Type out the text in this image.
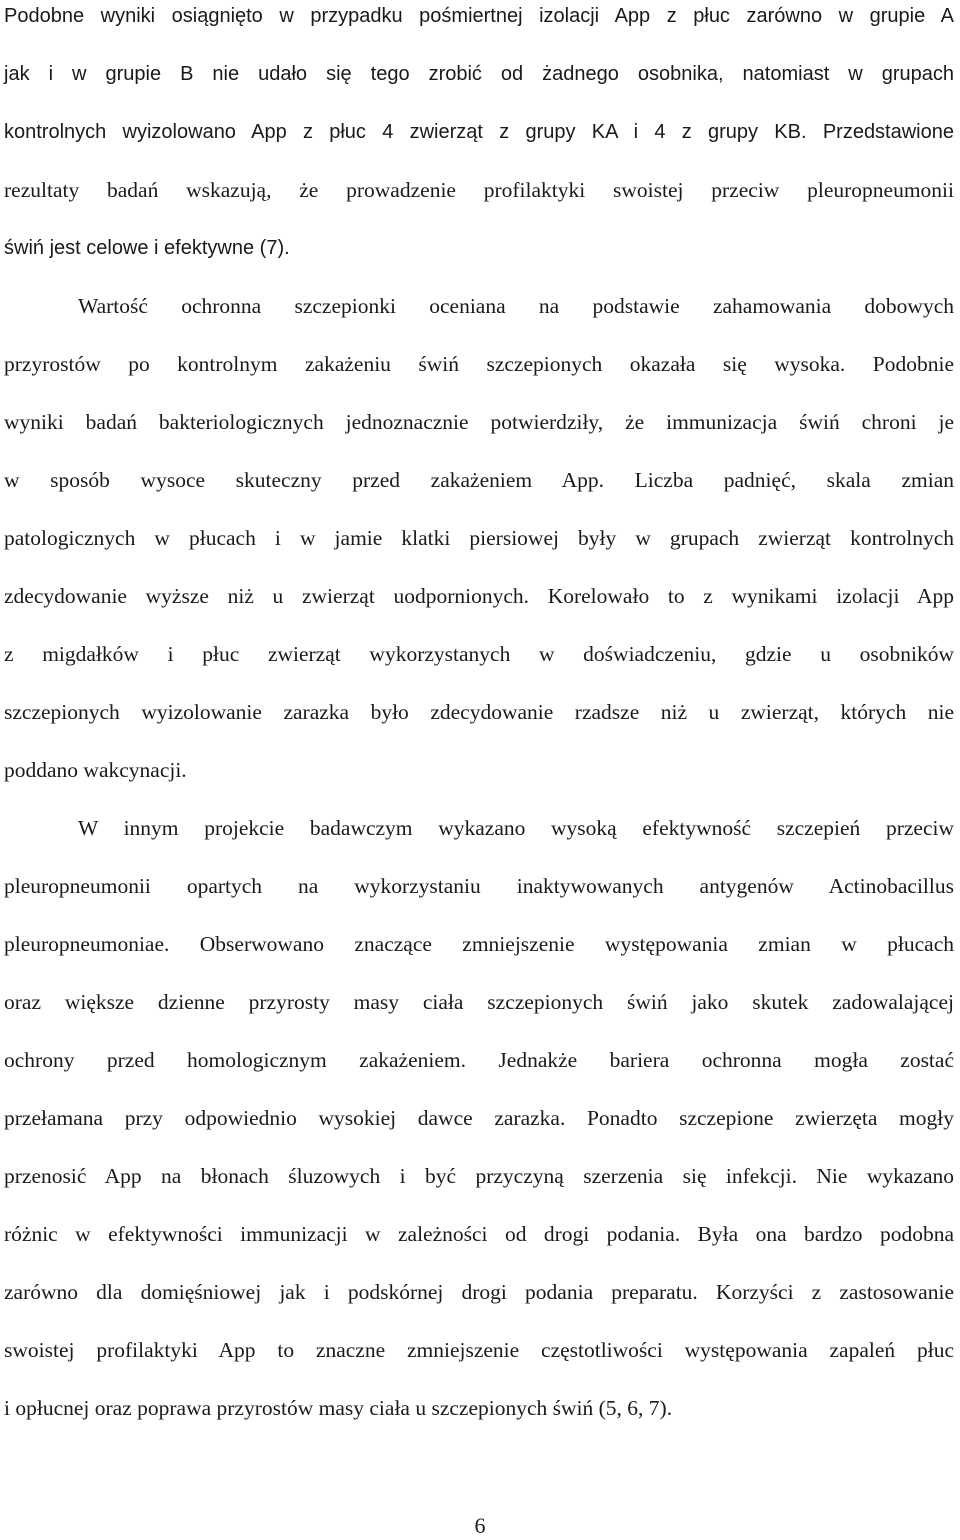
Podobne wyniki osiągnięto w przypadku pośmiertnej izolacji App z płuc zarówno w grupie A
jak i w grupie B nie udało się tego zrobić od żadnego osobnika, natomiast w grupach
kontrolnych wyizolowano App z płuc 4 zwierząt z grupy KA i 4 z grupy KB. Przedstawione
rezultaty badań wskazują, że prowadzenie profilaktyki swoistej przeciw pleuropneumonii
świń jest celowe i efektywne (7).
Wartość ochronna szczepionki oceniana na podstawie zahamowania dobowych
przyrostów po kontrolnym zakażeniu świń szczepionych okazała się wysoka. Podobnie
wyniki badań bakteriologicznych jednoznacznie potwierdziły, że immunizacja świń chroni je
w sposób wysoce skuteczny przed zakażeniem App. Liczba padnięć, skala zmian
patologicznych w płucach i w jamie klatki piersiowej były w grupach zwierząt kontrolnych
zdecydowanie wyższe niż u zwierząt uodpornionych. Korelowało to z wynikami izolacji App
z migdałków i płuc zwierząt wykorzystanych w doświadczeniu, gdzie u osobników
szczepionych wyizolowanie zarazka było zdecydowanie rzadsze niż u zwierząt, których nie
poddano wakcynacji.
W innym projekcie badawczym wykazano wysoką efektywność szczepień przeciw
pleuropneumonii opartych na wykorzystaniu inaktywowanych antygenów Actinobacillus
pleuropneumoniae. Obserwowano znaczące zmniejszenie występowania zmian w płucach
oraz większe dzienne przyrosty masy ciała szczepionych świń jako skutek zadowalającej
ochrony przed homologicznym zakażeniem. Jednakże bariera ochronna mogła zostać
przełamana przy odpowiednio wysokiej dawce zarazka. Ponadto szczepione zwierzęta mogły
przenosić App na błonach śluzowych i być przyczyną szerzenia się infekcji. Nie wykazano
różnic w efektywności immunizacji w zależności od drogi podania. Była ona bardzo podobna
zarówno dla domięśniowej jak i podskórnej drogi podania preparatu. Korzyści z zastosowanie
swoistej profilaktyki App to znaczne zmniejszenie częstotliwości występowania zapaleń płuc
i opłucnej oraz poprawa przyrostów masy ciała u szczepionych świń (5, 6, 7).
6
